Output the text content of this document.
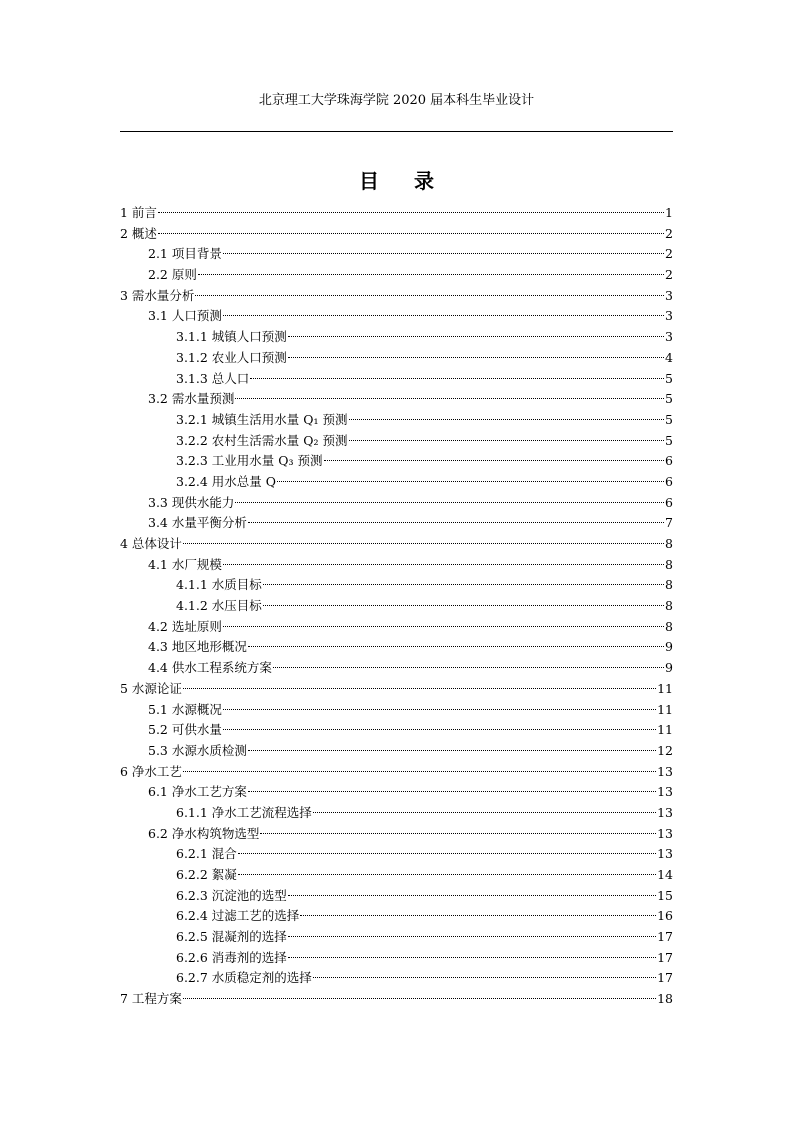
北京理工大学珠海学院 2020 届本科生毕业设计
目 录
1 前言	1
2 概述	2
2.1 项目背景	2
2.2 原则	2
3 需水量分析	3
3.1 人口预测	3
3.1.1 城镇人口预测	3
3.1.2 农业人口预测	4
3.1.3 总人口	5
3.2 需水量预测	5
3.2.1 城镇生活用水量 Q₁ 预测	5
3.2.2 农村生活需水量 Q₂ 预测	5
3.2.3 工业用水量 Q₃ 预测	6
3.2.4 用水总量 Q	6
3.3 现供水能力	6
3.4 水量平衡分析	7
4 总体设计	8
4.1 水厂规模	8
4.1.1 水质目标	8
4.1.2 水压目标	8
4.2 选址原则	8
4.3 地区地形概况	9
4.4 供水工程系统方案	9
5 水源论证	11
5.1 水源概况	11
5.2 可供水量	11
5.3 水源水质检测	12
6 净水工艺	13
6.1 净水工艺方案	13
6.1.1 净水工艺流程选择	13
6.2 净水构筑物选型	13
6.2.1 混合	13
6.2.2 絮凝	14
6.2.3 沉淀池的选型	15
6.2.4 过滤工艺的选择	16
6.2.5 混凝剂的选择	17
6.2.6 消毒剂的选择	17
6.2.7 水质稳定剂的选择	17
7 工程方案	18
